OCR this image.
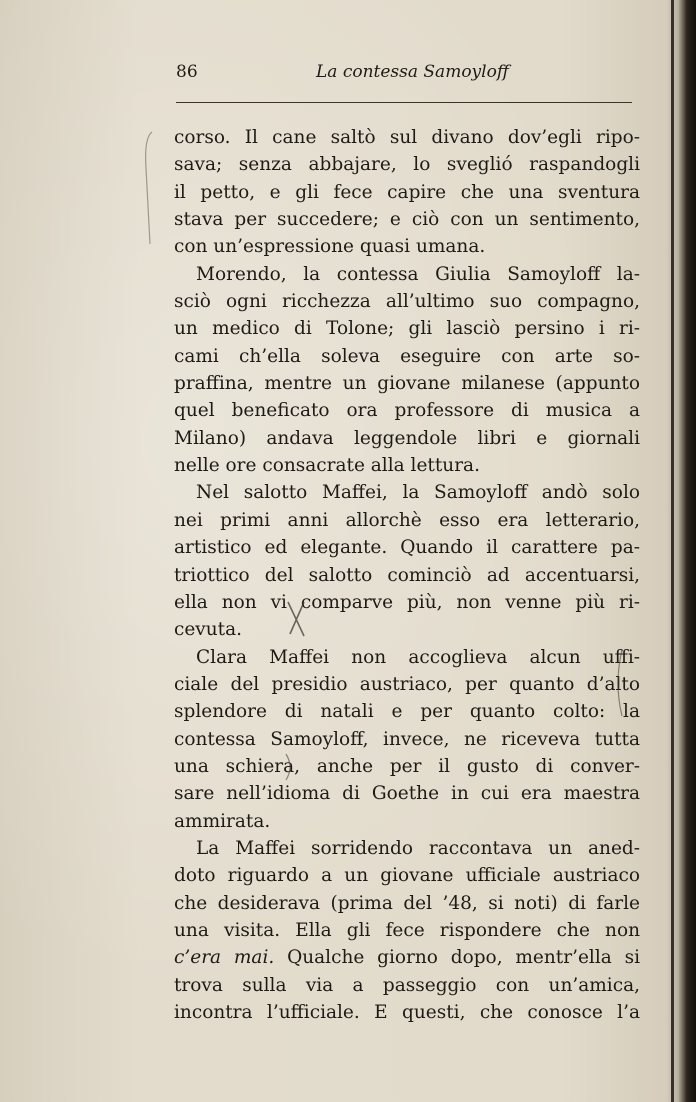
86	La contessa Samoyloff
corso. Il cane saltò sul divano dov’egli ripo-
sava; senza abbajare, lo sveglió raspandogli
il petto, e gli fece capire che una sventura
stava per succedere; e ciò con un sentimento,
con un’espressione quasi umana.
Morendo, la contessa Giulia Samoyloff la-
sciò ogni ricchezza all’ultimo suo compagno,
un medico di Tolone; gli lasciò persino i ri-
cami ch’ella soleva eseguire con arte so-
praffina, mentre un giovane milanese (appunto
quel beneficato ora professore di musica a
Milano) andava leggendole libri e giornali
nelle ore consacrate alla lettura.
Nel salotto Maffei, la Samoyloff andò solo
nei primi anni allorchè esso era letterario,
artistico ed elegante. Quando il carattere pa-
triottico del salotto cominciò ad accentuarsi,
ella non vi comparve più, non venne più ri-
cevuta.
Clara Maffei non accoglieva alcun uffi-
ciale del presidio austriaco, per quanto d’alto
splendore di natali e per quanto colto: la
contessa Samoyloff, invece, ne riceveva tutta
una schiera, anche per il gusto di conver-
sare nell’idioma di Goethe in cui era maestra
ammirata.
La Maffei sorridendo raccontava un aned-
doto riguardo a un giovane ufficiale austriaco
che desiderava (prima del ’48, si noti) di farle
una visita. Ella gli fece rispondere che non
c’era mai. Qualche giorno dopo, mentr’ella si
trova sulla via a passeggio con un’amica,
incontra l’ufficiale. E questi, che conosce l’a
